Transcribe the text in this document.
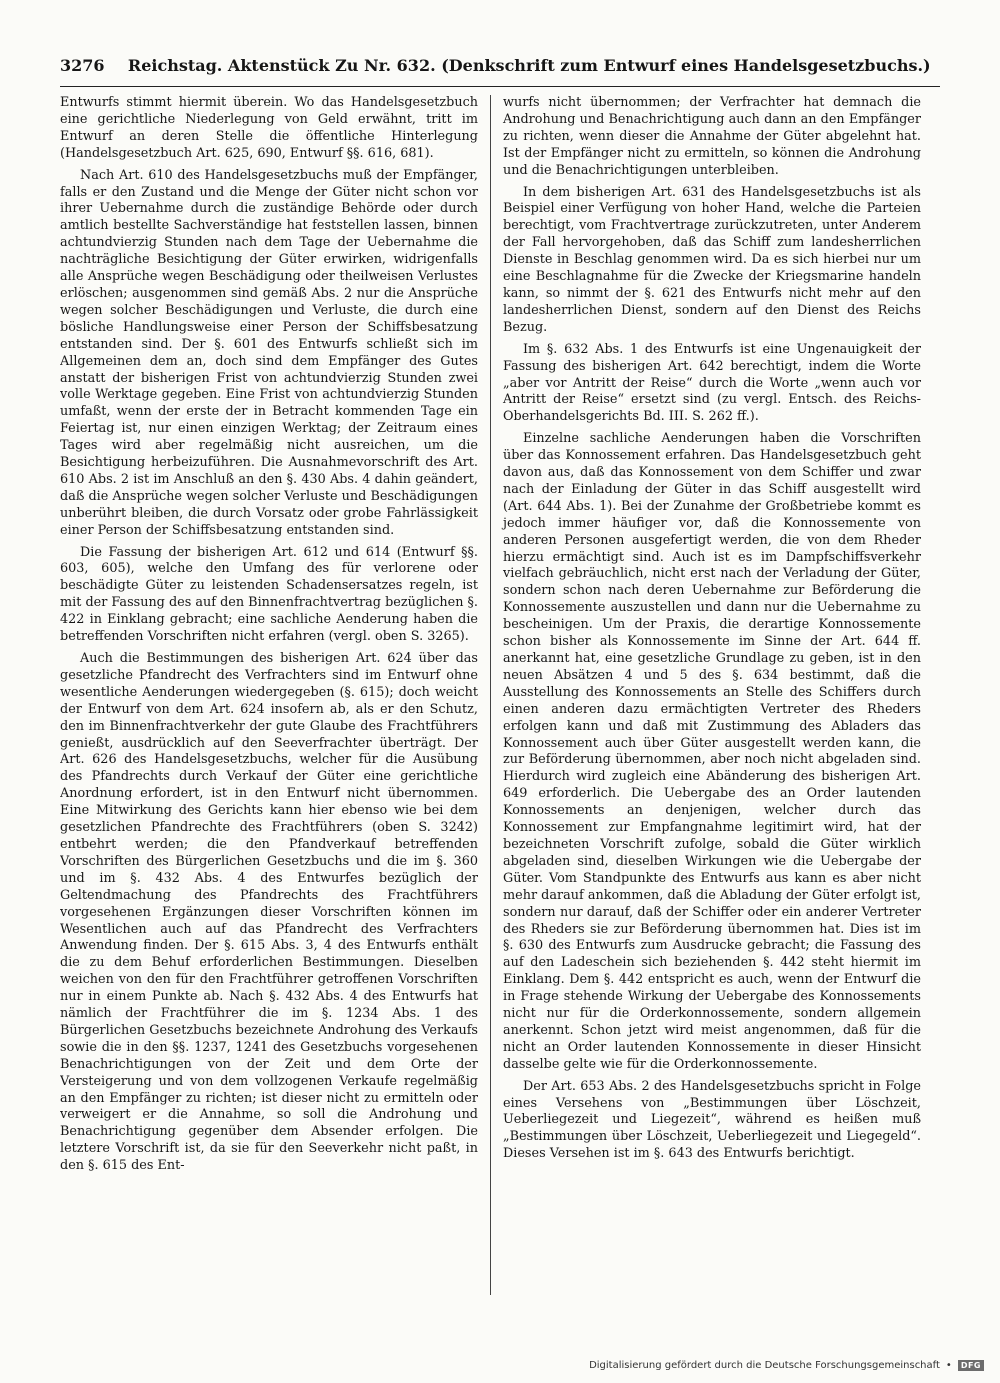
3276	Reichstag. Aktenstück Zu Nr. 632. (Denkschrift zum Entwurf eines Handelsgesetzbuchs.)

Entwurfs stimmt hiermit überein. Wo das Handelsgesetzbuch eine gerichtliche Niederlegung von Geld erwähnt, tritt im Entwurf an deren Stelle die öffentliche Hinterlegung (Handelsgesetzbuch Art. 625, 690, Entwurf §§. 616, 681).

Nach Art. 610 des Handelsgesetzbuchs muß der Empfänger, falls er den Zustand und die Menge der Güter nicht schon vor ihrer Uebernahme durch die zuständige Behörde oder durch amtlich bestellte Sachverständige hat feststellen lassen, binnen achtundvierzig Stunden nach dem Tage der Uebernahme die nachträgliche Besichtigung der Güter erwirken, widrigenfalls alle Ansprüche wegen Beschädigung oder theilweisen Verlustes erlöschen; ausgenommen sind gemäß Abs. 2 nur die Ansprüche wegen solcher Beschädigungen und Verluste, die durch eine bösliche Handlungsweise einer Person der Schiffsbesatzung entstanden sind. Der §. 601 des Entwurfs schließt sich im Allgemeinen dem an, doch sind dem Empfänger des Gutes anstatt der bisherigen Frist von achtundvierzig Stunden zwei volle Werktage gegeben. Eine Frist von achtundvierzig Stunden umfaßt, wenn der erste der in Betracht kommenden Tage ein Feiertag ist, nur einen einzigen Werktag; der Zeitraum eines Tages wird aber regelmäßig nicht ausreichen, um die Besichtigung herbeizuführen. Die Ausnahmevorschrift des Art. 610 Abs. 2 ist im Anschluß an den §. 430 Abs. 4 dahin geändert, daß die Ansprüche wegen solcher Verluste und Beschädigungen unberührt bleiben, die durch Vorsatz oder grobe Fahrlässigkeit einer Person der Schiffsbesatzung entstanden sind.

Die Fassung der bisherigen Art. 612 und 614 (Entwurf §§. 603, 605), welche den Umfang des für verlorene oder beschädigte Güter zu leistenden Schadensersatzes regeln, ist mit der Fassung des auf den Binnenfrachtvertrag bezüglichen §. 422 in Einklang gebracht; eine sachliche Aenderung haben die betreffenden Vorschriften nicht erfahren (vergl. oben S. 3265).

Auch die Bestimmungen des bisherigen Art. 624 über das gesetzliche Pfandrecht des Verfrachters sind im Entwurf ohne wesentliche Aenderungen wiedergegeben (§. 615); doch weicht der Entwurf von dem Art. 624 insofern ab, als er den Schutz, den im Binnenfrachtverkehr der gute Glaube des Frachtführers genießt, ausdrücklich auf den Seeverfrachter überträgt. Der Art. 626 des Handelsgesetzbuchs, welcher für die Ausübung des Pfandrechts durch Verkauf der Güter eine gerichtliche Anordnung erfordert, ist in den Entwurf nicht übernommen. Eine Mitwirkung des Gerichts kann hier ebenso wie bei dem gesetzlichen Pfandrechte des Frachtführers (oben S. 3242) entbehrt werden; die den Pfandverkauf betreffenden Vorschriften des Bürgerlichen Gesetzbuchs und die im §. 360 und im §. 432 Abs. 4 des Entwurfes bezüglich der Geltendmachung des Pfandrechts des Frachtführers vorgesehenen Ergänzungen dieser Vorschriften können im Wesentlichen auch auf das Pfandrecht des Verfrachters Anwendung finden. Der §. 615 Abs. 3, 4 des Entwurfs enthält die zu dem Behuf erforderlichen Bestimmungen. Dieselben weichen von den für den Frachtführer getroffenen Vorschriften nur in einem Punkte ab. Nach §. 432 Abs. 4 des Entwurfs hat nämlich der Frachtführer die im §. 1234 Abs. 1 des Bürgerlichen Gesetzbuchs bezeichnete Androhung des Verkaufs sowie die in den §§. 1237, 1241 des Gesetzbuchs vorgesehenen Benachrichtigungen von der Zeit und dem Orte der Versteigerung und von dem vollzogenen Verkaufe regelmäßig an den Empfänger zu richten; ist dieser nicht zu ermitteln oder verweigert er die Annahme, so soll die Androhung und Benachrichtigung gegenüber dem Absender erfolgen. Die letztere Vorschrift ist, da sie für den Seeverkehr nicht paßt, in den §. 615 des Ent-

wurfs nicht übernommen; der Verfrachter hat demnach die Androhung und Benachrichtigung auch dann an den Empfänger zu richten, wenn dieser die Annahme der Güter abgelehnt hat. Ist der Empfänger nicht zu ermitteln, so können die Androhung und die Benachrichtigungen unterbleiben.

In dem bisherigen Art. 631 des Handelsgesetzbuchs ist als Beispiel einer Verfügung von hoher Hand, welche die Parteien berechtigt, vom Frachtvertrage zurückzutreten, unter Anderem der Fall hervorgehoben, daß das Schiff zum landesherrlichen Dienste in Beschlag genommen wird. Da es sich hierbei nur um eine Beschlagnahme für die Zwecke der Kriegsmarine handeln kann, so nimmt der §. 621 des Entwurfs nicht mehr auf den landesherrlichen Dienst, sondern auf den Dienst des Reichs Bezug.

Im §. 632 Abs. 1 des Entwurfs ist eine Ungenauigkeit der Fassung des bisherigen Art. 642 berechtigt, indem die Worte „aber vor Antritt der Reise“ durch die Worte „wenn auch vor Antritt der Reise“ ersetzt sind (zu vergl. Entsch. des Reichs-Oberhandelsgerichts Bd. III. S. 262 ff.).

Einzelne sachliche Aenderungen haben die Vorschriften über das Konnossement erfahren. Das Handelsgesetzbuch geht davon aus, daß das Konnossement von dem Schiffer und zwar nach der Einladung der Güter in das Schiff ausgestellt wird (Art. 644 Abs. 1). Bei der Zunahme der Großbetriebe kommt es jedoch immer häufiger vor, daß die Konnossemente von anderen Personen ausgefertigt werden, die von dem Rheder hierzu ermächtigt sind. Auch ist es im Dampfschiffsverkehr vielfach gebräuchlich, nicht erst nach der Verladung der Güter, sondern schon nach deren Uebernahme zur Beförderung die Konnossemente auszustellen und dann nur die Uebernahme zu bescheinigen. Um der Praxis, die derartige Konnossemente schon bisher als Konnossemente im Sinne der Art. 644 ff. anerkannt hat, eine gesetzliche Grundlage zu geben, ist in den neuen Absätzen 4 und 5 des §. 634 bestimmt, daß die Ausstellung des Konnossements an Stelle des Schiffers durch einen anderen dazu ermächtigten Vertreter des Rheders erfolgen kann und daß mit Zustimmung des Abladers das Konnossement auch über Güter ausgestellt werden kann, die zur Beförderung übernommen, aber noch nicht abgeladen sind. Hierdurch wird zugleich eine Abänderung des bisherigen Art. 649 erforderlich. Die Uebergabe des an Order lautenden Konnossements an denjenigen, welcher durch das Konnossement zur Empfangnahme legitimirt wird, hat der bezeichneten Vorschrift zufolge, sobald die Güter wirklich abgeladen sind, dieselben Wirkungen wie die Uebergabe der Güter. Vom Standpunkte des Entwurfs aus kann es aber nicht mehr darauf ankommen, daß die Abladung der Güter erfolgt ist, sondern nur darauf, daß der Schiffer oder ein anderer Vertreter des Rheders sie zur Beförderung übernommen hat. Dies ist im §. 630 des Entwurfs zum Ausdrucke gebracht; die Fassung des auf den Ladeschein sich beziehenden §. 442 steht hiermit im Einklang. Dem §. 442 entspricht es auch, wenn der Entwurf die in Frage stehende Wirkung der Uebergabe des Konnossements nicht nur für die Orderkonnossemente, sondern allgemein anerkennt. Schon jetzt wird meist angenommen, daß für die nicht an Order lautenden Konnossemente in dieser Hinsicht dasselbe gelte wie für die Orderkonnossemente.

Der Art. 653 Abs. 2 des Handelsgesetzbuchs spricht in Folge eines Versehens von „Bestimmungen über Löschzeit, Ueberliegezeit und Liegezeit“, während es heißen muß „Bestimmungen über Löschzeit, Ueberliegezeit und Liegegeld“. Dieses Versehen ist im §. 643 des Entwurfs berichtigt.

Digitalisierung gefördert durch die Deutsche Forschungsgemeinschaft •	DFG
